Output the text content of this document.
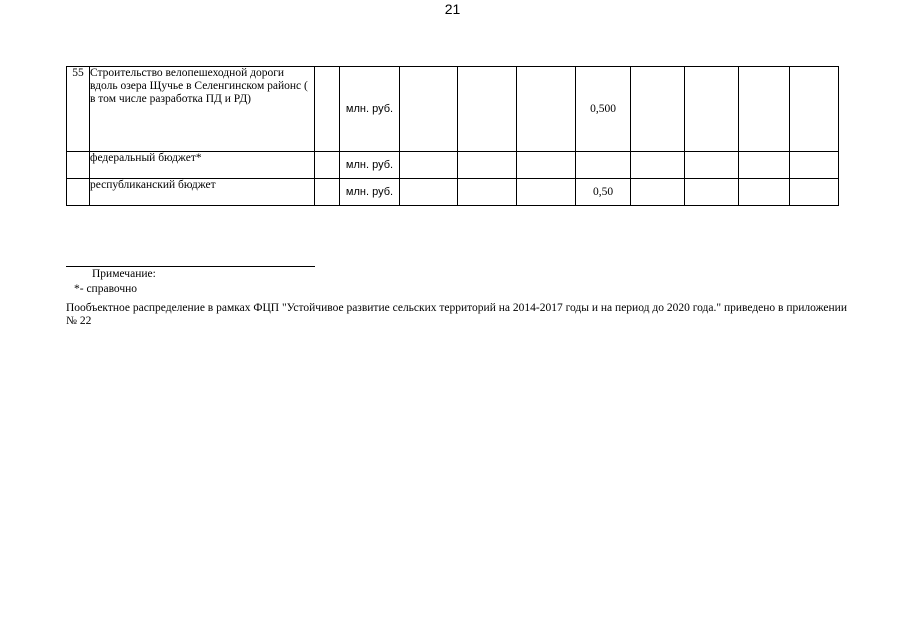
21
55	Строительство велопешеходной дороги вдоль озера Щучье в Селенгинском районс ( в том числе разработка ПД и РД)		млн. руб.				0,500				
	федеральный бюджет*		млн. руб.								
	республиканский бюджет		млн. руб.				0,50				
Примечание:
*- справочно
Пообъектное распределение в рамках ФЦП "Устойчивое развитие сельских территорий на 2014-2017 годы и на период до 2020 года." приведено в приложении № 22
